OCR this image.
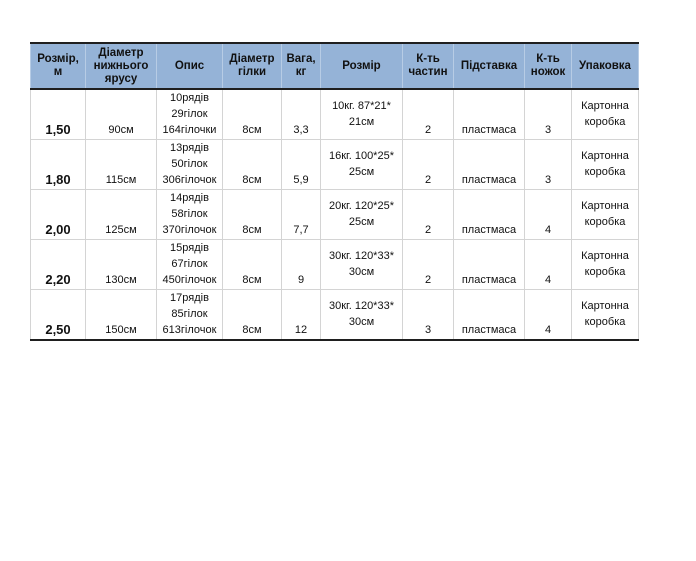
Розмір, м	Діаметр нижнього ярусу	Опис	Діаметр гілки	Вага, кг	Розмір	К-ть частин	Підставка	К-ть ножок	Упаковка
1,50	90см	10рядів
29гілок
164гілочки	8см	3,3	10кг. 87*21*
21см	2	пластмаса	3	Картонна
коробка

1,80	115см	13рядів
50гілок
306гілочок	8см	5,9	16кг. 100*25*
25см	2	пластмаса	3	Картонна
коробка

2,00	125см	14рядів
58гілок
370гілочок	8см	7,7	20кг. 120*25*
25см	2	пластмаса	4	Картонна
коробка

2,20	130см	15рядів
67гілок
450гілочок	8см	9	30кг. 120*33*
30см	2	пластмаса	4	Картонна
коробка

2,50	150см	17рядів
85гілок
613гілочок	8см	12	30кг. 120*33*
30см	3	пластмаса	4	Картонна
коробка
